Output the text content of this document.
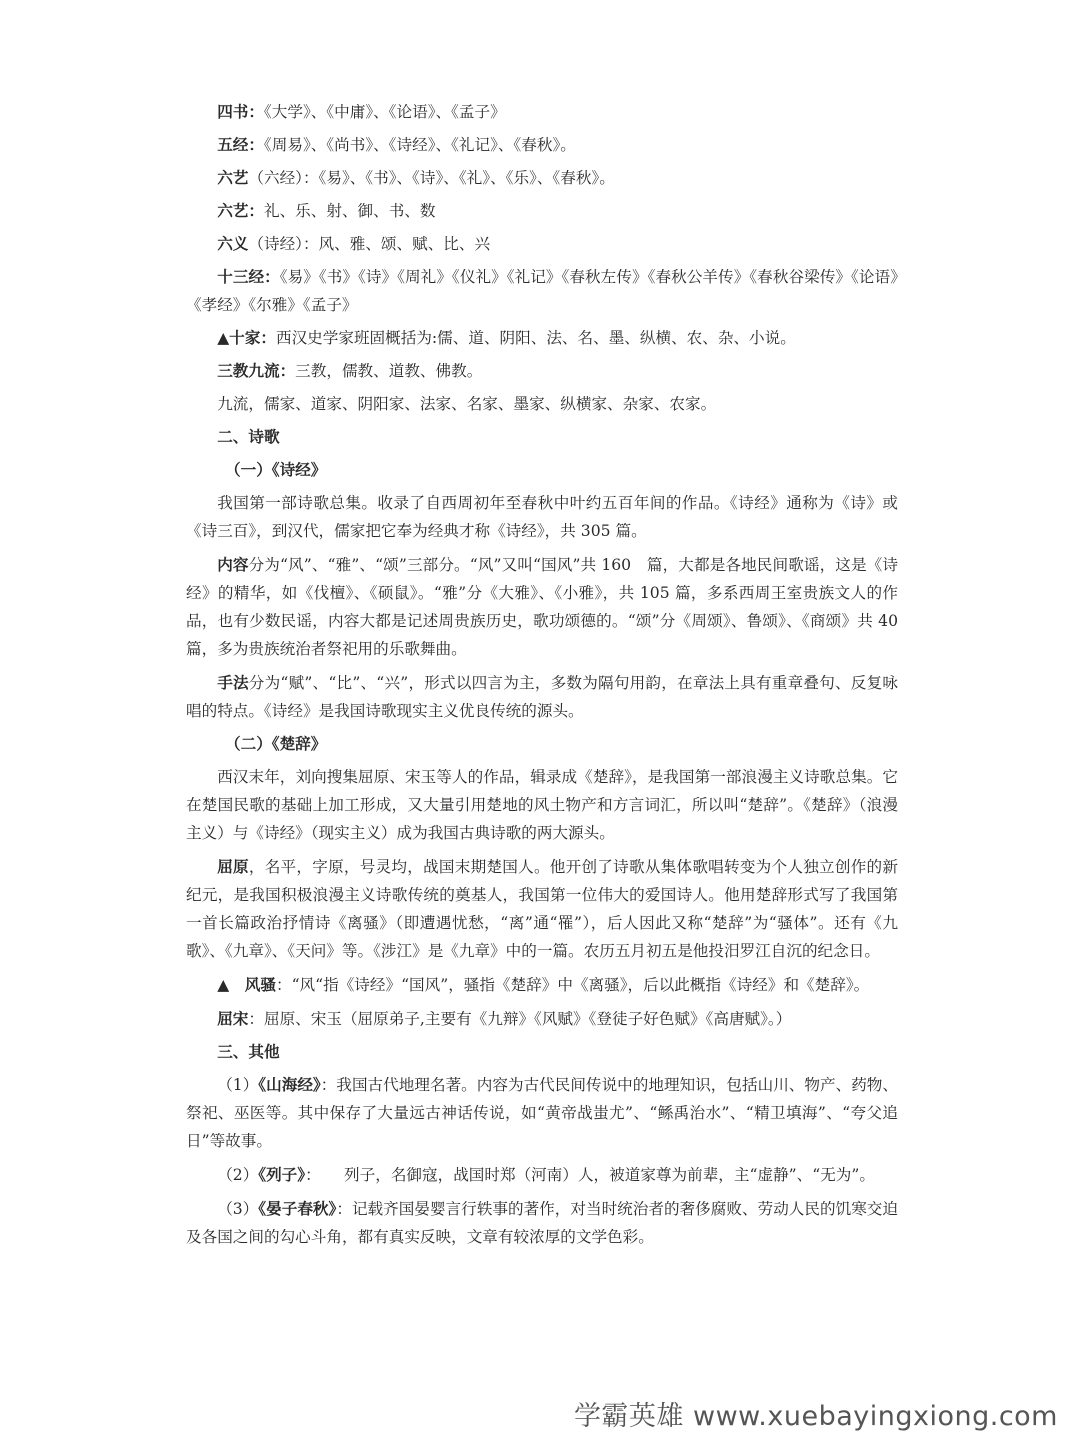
四书：《大学》、《中庸》、《论语》、《孟子》

五经：《周易》、《尚书》、《诗经》、《礼记》、《春秋》。

六艺（六经）：《易》、《书》、《诗》、《礼》、《乐》、《春秋》。

六艺：礼、乐、射、御、书、数

六义（诗经）：风、雅、颂、赋、比、兴

十三经：《易》《书》《诗》《周礼》《仪礼》《礼记》《春秋左传》《春秋公羊传》《春秋谷梁传》《论语》《孝经》《尔雅》《孟子》

▲十家：西汉史学家班固概括为:儒、道、阴阳、法、名、墨、纵横、农、杂、小说。

三教九流：三教，儒教、道教、佛教。

九流，儒家、道家、阴阳家、法家、名家、墨家、纵横家、杂家、农家。

二、诗歌

（一）《诗经》

我国第一部诗歌总集。收录了自西周初年至春秋中叶约五百年间的作品。《诗经》通称为《诗》或《诗三百》，到汉代，儒家把它奉为经典才称《诗经》，共 305 篇。

内容分为“风”、“雅”、“颂”三部分。“风”又叫“国风”共 160　篇，大都是各地民间歌谣，这是《诗经》的精华，如《伐檀》、《硕鼠》。“雅”分《大雅》、《小雅》，共 105 篇，多系西周王室贵族文人的作品，也有少数民谣，内容大都是记述周贵族历史，歌功颂德的。“颂”分《周颂》、鲁颂》、《商颂》共 40　篇，多为贵族统治者祭祀用的乐歌舞曲。

手法分为“赋”、“比”、“兴”，形式以四言为主，多数为隔句用韵，在章法上具有重章叠句、反复咏唱的特点。《诗经》是我国诗歌现实主义优良传统的源头。

（二）《楚辞》

西汉末年，刘向搜集屈原、宋玉等人的作品，辑录成《楚辞》，是我国第一部浪漫主义诗歌总集。它在楚国民歌的基础上加工形成，又大量引用楚地的风土物产和方言词汇，所以叫“楚辞”。《楚辞》（浪漫主义）与《诗经》（现实主义）成为我国古典诗歌的两大源头。

屈原，名平，字原，号灵均，战国末期楚国人。他开创了诗歌从集体歌唱转变为个人独立创作的新纪元，是我国积极浪漫主义诗歌传统的奠基人，我国第一位伟大的爱国诗人。他用楚辞形式写了我国第一首长篇政治抒情诗《离骚》（即遭遇忧愁，“离”通“罹”），后人因此又称“楚辞”为“骚体”。还有《九歌》、《九章》、《天问》等。《涉江》是《九章》中的一篇。农历五月初五是他投汨罗江自沉的纪念日。

▲　风骚：“风“指《诗经》“国风”，骚指《楚辞》中《离骚》，后以此概指《诗经》和《楚辞》。

屈宋：屈原、宋玉（屈原弟子,主要有《九辩》《风赋》《登徒子好色赋》《高唐赋》。）

三、其他

（1）《山海经》：我国古代地理名著。内容为古代民间传说中的地理知识，包括山川、物产、药物、祭祀、巫医等。其中保存了大量远古神话传说，如“黄帝战蚩尤”、“鲧禹治水”、“精卫填海”、“夸父追日”等故事。

（2）《列子》：　　列子，名御寇，战国时郑（河南）人，被道家尊为前辈，主“虚静”、“无为”。

（3）《晏子春秋》：记载齐国晏婴言行轶事的著作，对当时统治者的奢侈腐败、劳动人民的饥寒交迫及各国之间的勾心斗角，都有真实反映，文章有较浓厚的文学色彩。

学霸英雄 www.xuebayingxiong.com
